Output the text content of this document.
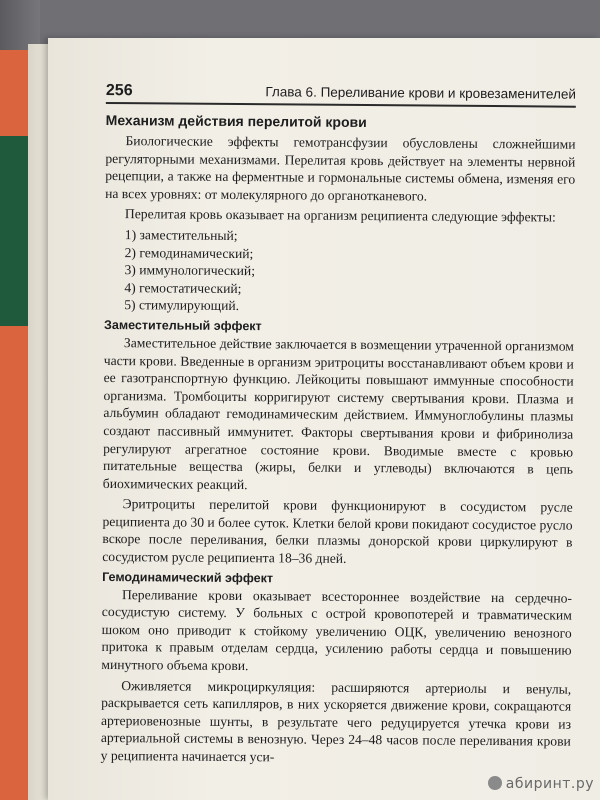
256	Глава 6. Переливание крови и кровезаменителей
Механизм действия перелитой крови

Биологические эффекты гемотрансфузии обусловлены сложнейшими регуляторными механизмами. Перелитая кровь действует на элементы нервной рецепции, а также на ферментные и гормональные системы обмена, изменяя его на всех уровнях: от молекулярного до органотканевого.

Перелитая кровь оказывает на организм реципиента следующие эффекты:

1) заместительный;
2) гемодинамический;
3) иммунологический;
4) гемостатический;
5) стимулирующий.
Заместительный эффект

Заместительное действие заключается в возмещении утраченной организмом части крови. Введенные в организм эритроциты восстанавливают объем крови и ее газотранспортную функцию. Лейкоциты повышают иммунные способности организма. Тромбоциты корригируют систему свертывания крови. Плазма и альбумин обладают гемодинамическим действием. Иммуноглобулины плазмы создают пассивный иммунитет. Факторы свертывания крови и фибринолиза регулируют агрегатное состояние крови. Вводимые вместе с кровью питательные вещества (жиры, белки и углеводы) включаются в цепь биохимических реакций.

Эритроциты перелитой крови функционируют в сосудистом русле реципиента до 30 и более суток. Клетки белой крови покидают сосудистое русло вскоре после переливания, белки плазмы донорской крови циркулируют в сосудистом русле реципиента 18–36 дней.

Гемодинамический эффект

Переливание крови оказывает всестороннее воздействие на сердечно-сосудистую систему. У больных с острой кровопотерей и травматическим шоком оно приводит к стойкому увеличению ОЦК, увеличению венозного притока к правым отделам сердца, усилению работы сердца и повышению минутного объема крови.

Оживляется микроциркуляция: расширяются артериолы и венулы, раскрывается сеть капилляров, в них ускоряется движение крови, сокращаются артериовенозные шунты, в результате чего редуцируется утечка крови из артериальной системы в венозную. Через 24–48 часов после переливания крови у реципиента начинается уси-

абиринт.ру
